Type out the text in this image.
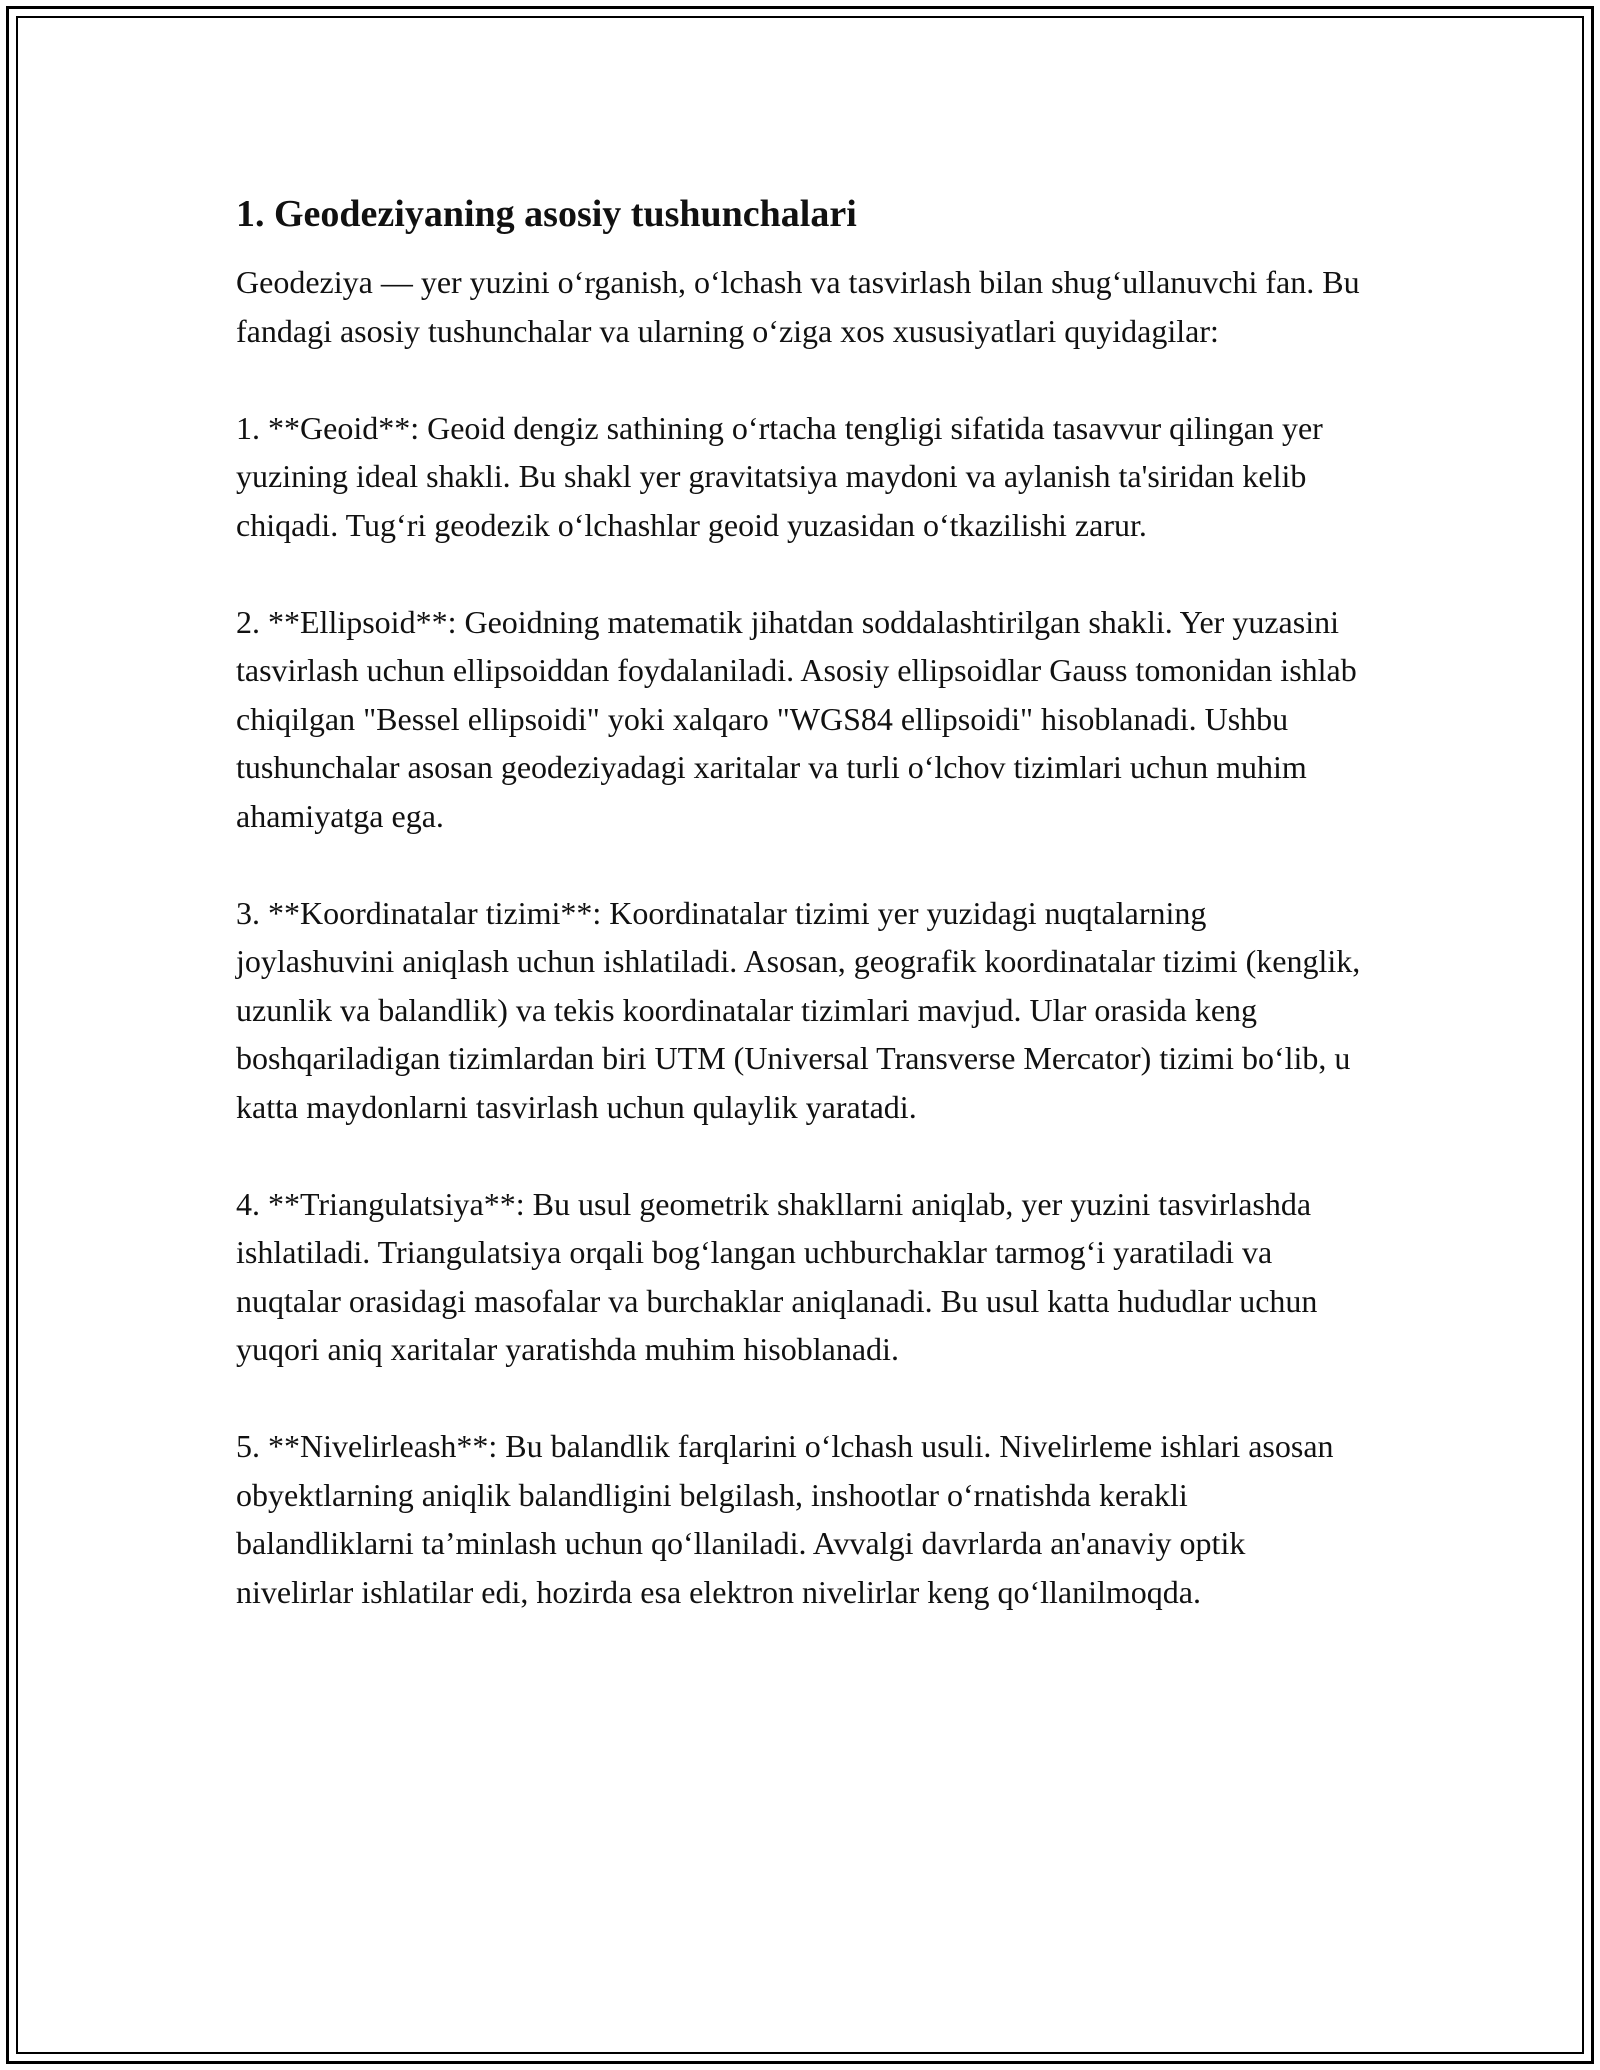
1. Geodeziyaning asosiy tushunchalari

Geodeziya — yer yuzini o‘rganish, o‘lchash va tasvirlash bilan shug‘ullanuvchi fan. Bu fandagi asosiy tushunchalar va ularning o‘ziga xos xususiyatlari quyidagilar:

1. **Geoid**: Geoid dengiz sathining o‘rtacha tengligi sifatida tasavvur qilingan yer yuzining ideal shakli. Bu shakl yer gravitatsiya maydoni va aylanish ta'siridan kelib chiqadi. Tug‘ri geodezik o‘lchashlar geoid yuzasidan o‘tkazilishi zarur.

2. **Ellipsoid**: Geoidning matematik jihatdan soddalashtirilgan shakli. Yer yuzasini tasvirlash uchun ellipsoiddan foydalaniladi. Asosiy ellipsoidlar Gauss tomonidan ishlab chiqilgan "Bessel ellipsoidi" yoki xalqaro "WGS84 ellipsoidi" hisoblanadi. Ushbu tushunchalar asosan geodeziyadagi xaritalar va turli o‘lchov tizimlari uchun muhim ahamiyatga ega.

3. **Koordinatalar tizimi**: Koordinatalar tizimi yer yuzidagi nuqtalarning joylashuvini aniqlash uchun ishlatiladi. Asosan, geografik koordinatalar tizimi (kenglik, uzunlik va balandlik) va tekis koordinatalar tizimlari mavjud. Ular orasida keng boshqariladigan tizimlardan biri UTM (Universal Transverse Mercator) tizimi bo‘lib, u katta maydonlarni tasvirlash uchun qulaylik yaratadi.

4. **Triangulatsiya**: Bu usul geometrik shakllarni aniqlab, yer yuzini tasvirlashda ishlatiladi. Triangulatsiya orqali bog‘langan uchburchaklar tarmog‘i yaratiladi va nuqtalar orasidagi masofalar va burchaklar aniqlanadi. Bu usul katta hududlar uchun yuqori aniq xaritalar yaratishda muhim hisoblanadi.

5. **Nivelirleash**: Bu balandlik farqlarini o‘lchash usuli. Nivelirleme ishlari asosan obyektlarning aniqlik balandligini belgilash, inshootlar o‘rnatishda kerakli balandliklarni ta’minlash uchun qo‘llaniladi. Avvalgi davrlarda an'anaviy optik nivelirlar ishlatilar edi, hozirda esa elektron nivelirlar keng qo‘llanilmoqda.
